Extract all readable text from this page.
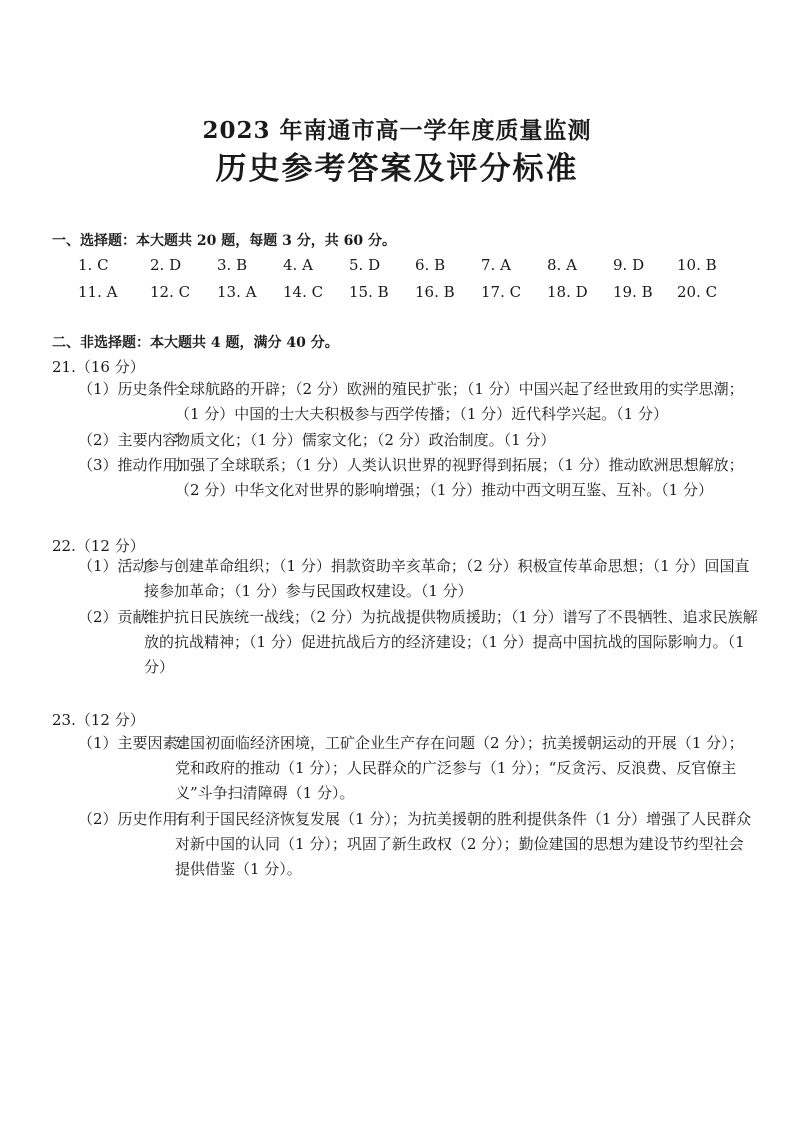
2023 年南通市高一学年度质量监测
历史参考答案及评分标准
一、选择题：本大题共 20 题，每题 3 分，共 60 分。
1. C	2. D 3. B 4. A 5. D 6. B 7. A 8. A 9. D 10. B
11. A 12. C 13. A 14. C 15. B 16. B 17. C 18. D 19. B 20. C
二、非选择题：本大题共 4 题，满分 40 分。
21.（16 分）
（1）历史条件：
全球航路的开辟；（2 分）欧洲的殖民扩张；（1 分）中国兴起了经世致用的实学思潮；（1 分）中国的士大夫积极参与西学传播；（1 分）近代科学兴起。（1 分）
（2）主要内容：
物质文化；（1 分）儒家文化；（2 分）政治制度。（1 分）
（3）推动作用：
加强了全球联系；（1 分）人类认识世界的视野得到拓展；（1 分）推动欧洲思想解放；（2 分）中华文化对世界的影响增强；（1 分）推动中西文明互鉴、互补。（1 分）
22.（12 分）
（1）活动：
参与创建革命组织；（1 分）捐款资助辛亥革命；（2 分）积极宣传革命思想；（1 分）回国直接参加革命；（1 分）参与民国政权建设。（1 分）
（2）贡献：
维护抗日民族统一战线；（2 分）为抗战提供物质援助；（1 分）谱写了不畏牺牲、追求民族解放的抗战精神；（1 分）促进抗战后方的经济建设；（1 分）提高中国抗战的国际影响力。（1 分）
23.（12 分）
（1）主要因素：
建国初面临经济困境，工矿企业生产存在问题（2 分）；抗美援朝运动的开展（1 分）；党和政府的推动（1 分）；人民群众的广泛参与（1 分）；“反贪污、反浪费、反官僚主义”斗争扫清障碍（1 分）。
（2）历史作用：
有利于国民经济恢复发展（1 分）；为抗美援朝的胜利提供条件（1 分）增强了人民群众对新中国的认同（1 分）；巩固了新生政权（2 分）；勤俭建国的思想为建设节约型社会提供借鉴（1 分）。
